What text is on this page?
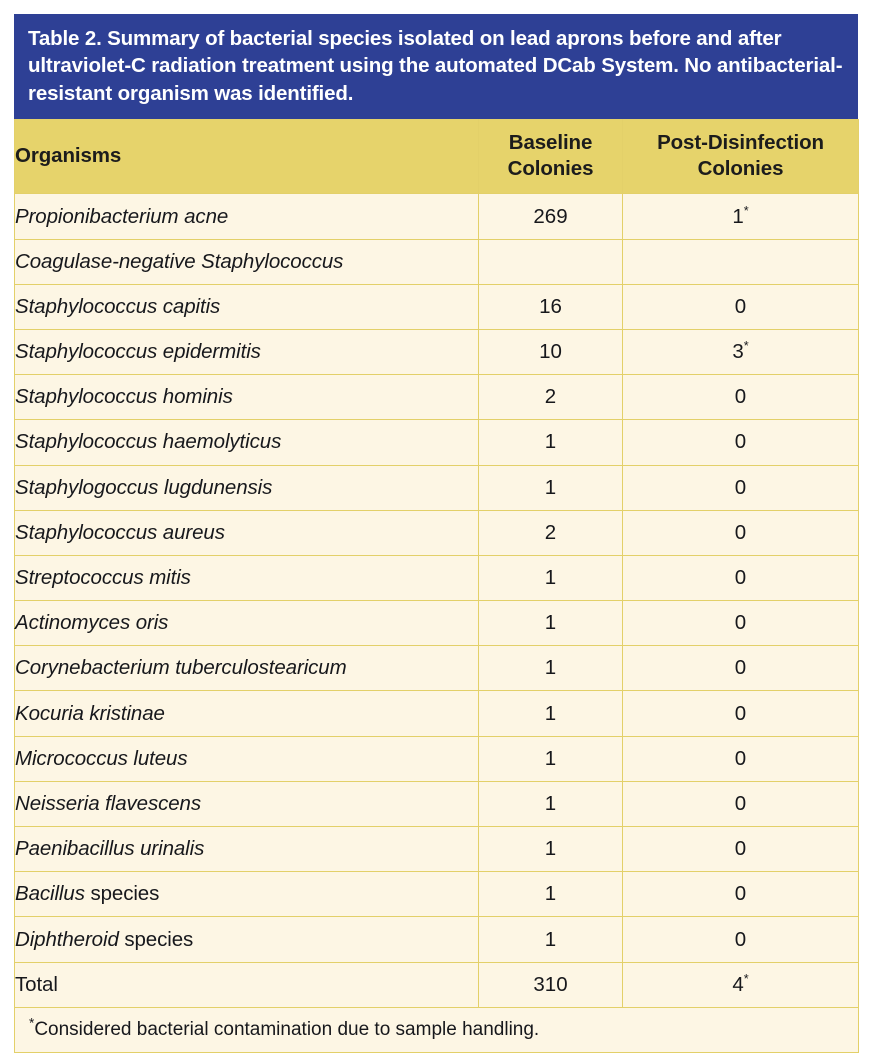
Table 2. Summary of bacterial species isolated on lead aprons before and after ultraviolet-C radiation treatment using the automated DCab System. No antibacterial-resistant organism was identified.
Organisms	Baseline Colonies	Post-Disinfection Colonies
Propionibacterium acne	269	1*
Coagulase-negative Staphylococcus		
Staphylococcus capitis	16	0
Staphylococcus epidermitis	10	3*
Staphylococcus hominis	2	0
Staphylococcus haemolyticus	1	0
Staphylogoccus lugdunensis	1	0
Staphylococcus aureus	2	0
Streptococcus mitis	1	0
Actinomyces oris	1	0
Corynebacterium tuberculostearicum	1	0
Kocuria kristinae	1	0
Micrococcus luteus	1	0
Neisseria flavescens	1	0
Paenibacillus urinalis	1	0
Bacillus species	1	0
Diphtheroid species	1	0
Total	310	4*
*Considered bacterial contamination due to sample handling.		
